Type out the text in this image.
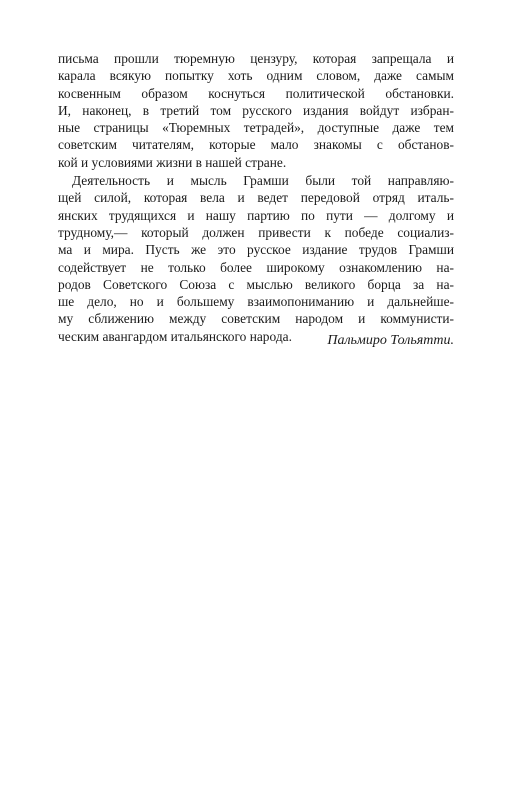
письма прошли тюремную цензуру, которая запрещала и
карала всякую попытку хоть одним словом, даже самым
косвенным образом коснуться политической обстановки.
И, наконец, в третий том русского издания войдут избран-
ные страницы «Тюремных тетрадей», доступные даже тем
советским читателям, которые мало знакомы с обстанов-
кой и условиями жизни в нашей стране.
Деятельность и мысль Грамши были той направляю-
щей силой, которая вела и ведет передовой отряд италь-
янских трудящихся и нашу партию по пути — долгому и
трудному,— который должен привести к победе социализ-
ма и мира. Пусть же это русское издание трудов Грамши
содействует не только более широкому ознакомлению на-
родов Советского Союза с мыслью великого борца за на-
ше дело, но и большему взаимопониманию и дальнейше-
му сближению между советским народом и коммунисти-
ческим авангардом итальянского народа.	Пальмиро Тольятти.
